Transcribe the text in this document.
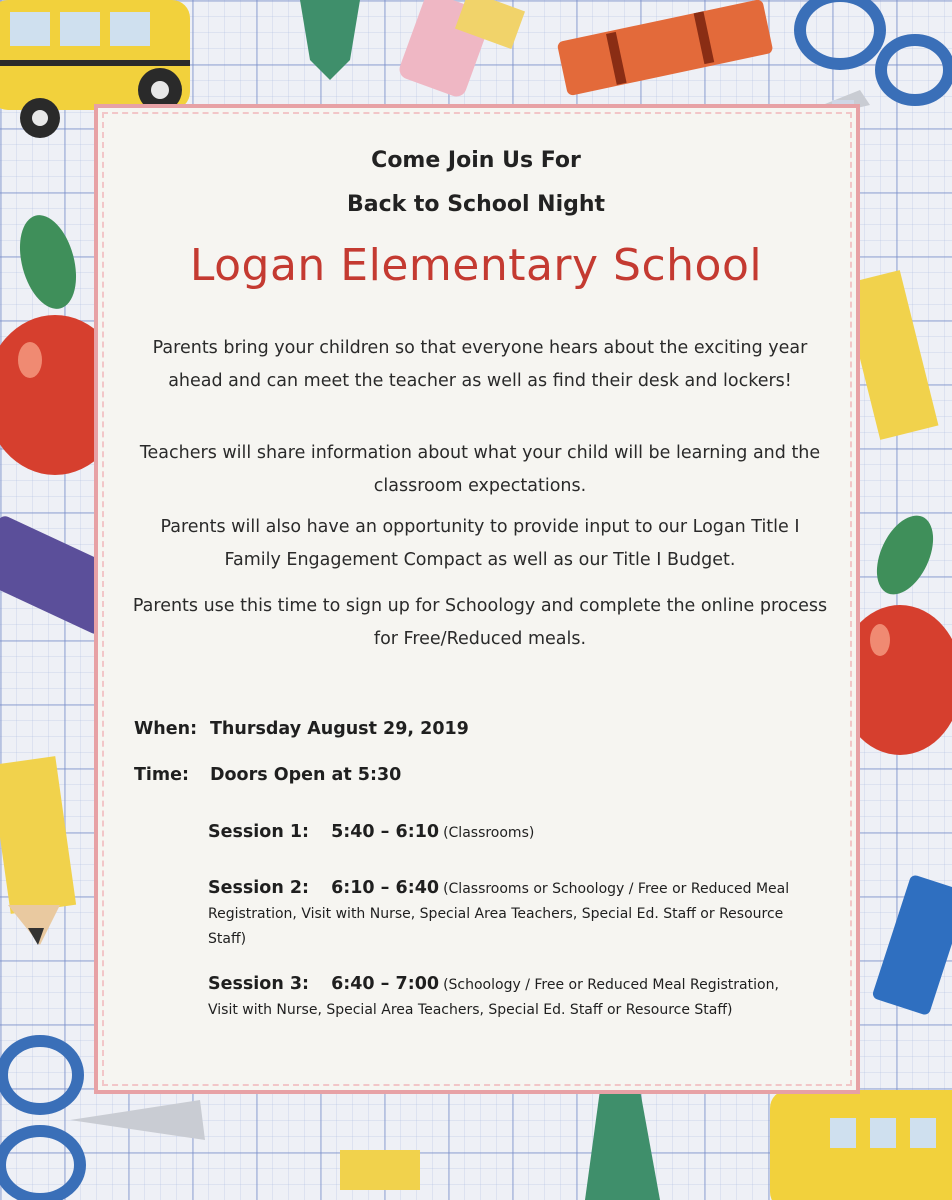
Come Join Us For
Back to School Night
Logan Elementary School
Parents bring your children so that everyone hears about the exciting year ahead and can meet the teacher as well as find their desk and lockers!
Teachers will share information about what your child will be learning and the classroom expectations.
Parents will also have an opportunity to provide input to our Logan Title I Family Engagement Compact as well as our Title I Budget.
Parents use this time to sign up for Schoology and complete the online process for Free/Reduced meals.
When: Thursday August 29, 2019
Time: Doors Open at 5:30
Session 1: 5:40 – 6:10 (Classrooms)
Session 2: 6:10 – 6:40 (Classrooms or Schoology / Free or Reduced Meal Registration, Visit with Nurse, Special Area Teachers, Special Ed. Staff or Resource Staff)
Session 3: 6:40 – 7:00 (Schoology / Free or Reduced Meal Registration, Visit with Nurse, Special Area Teachers, Special Ed. Staff or Resource Staff)
